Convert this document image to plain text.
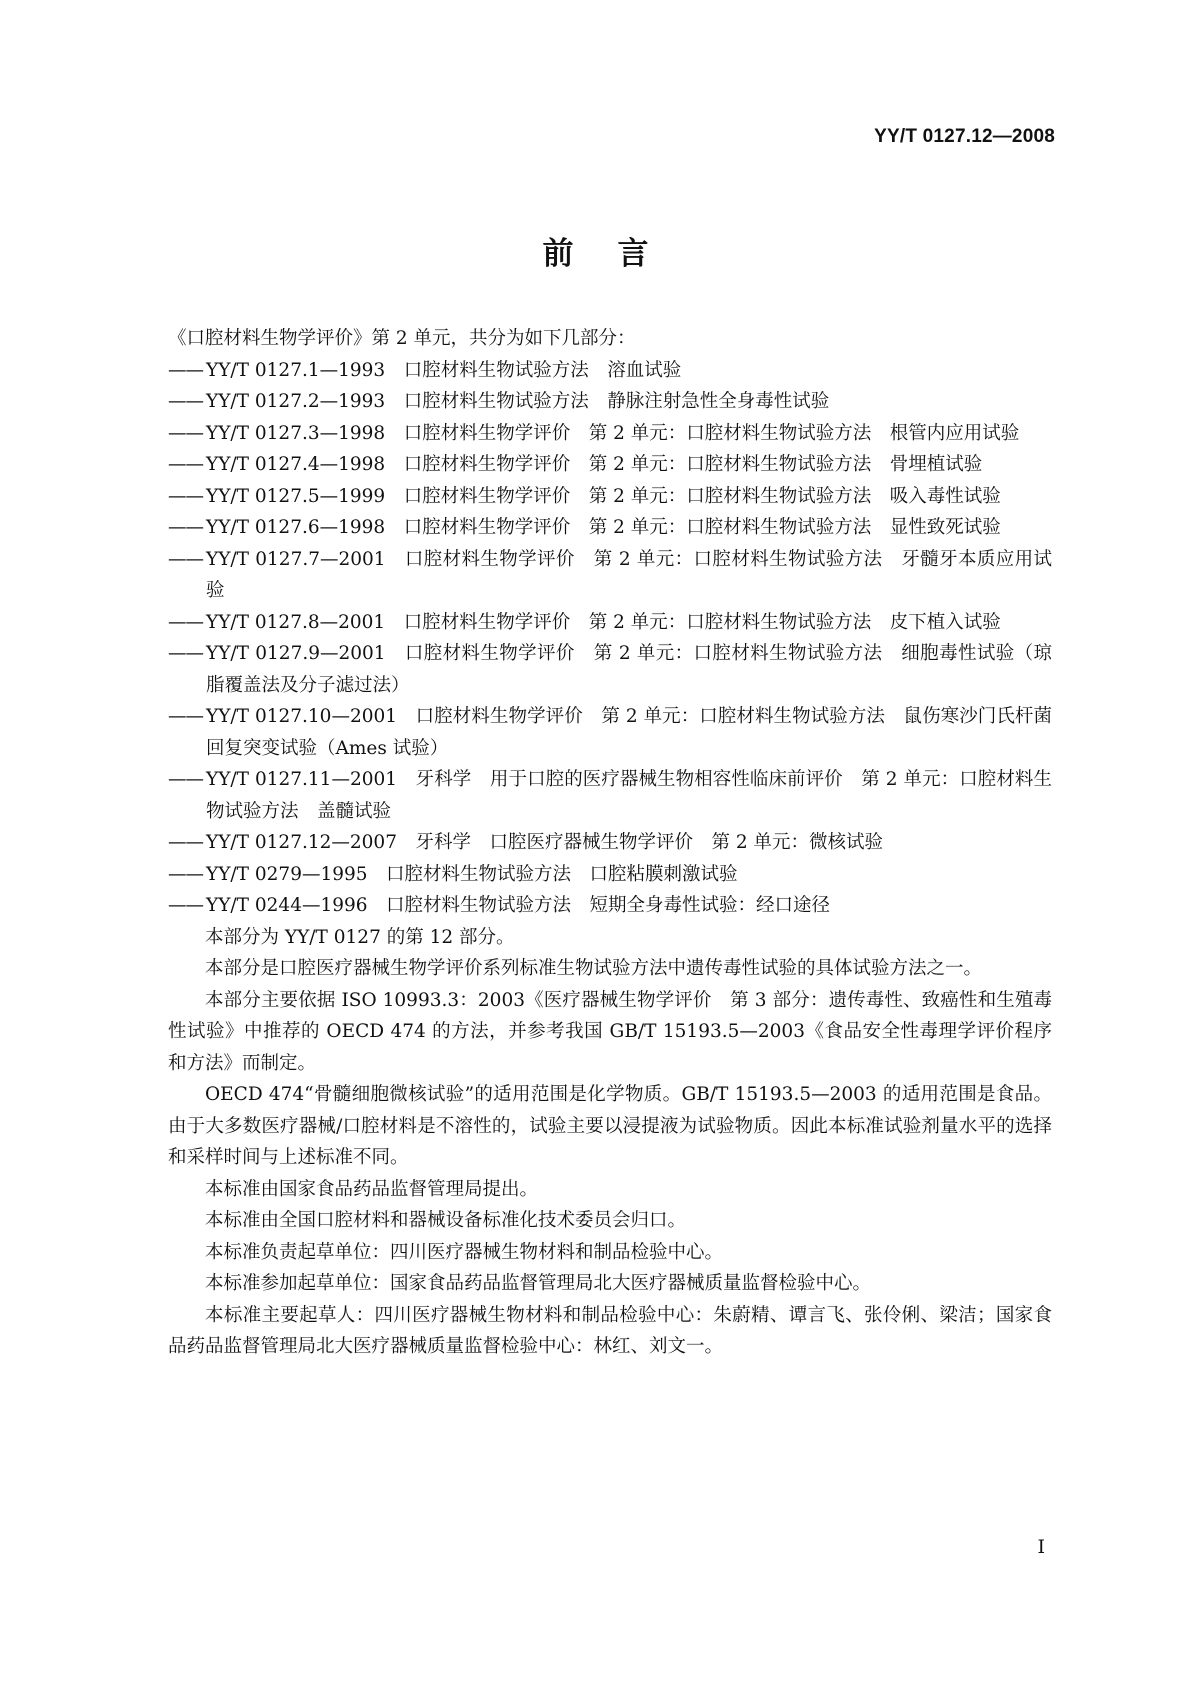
YY/T 0127.12—2008
前言

《口腔材料生物学评价》第 2 单元，共分为如下几部分：

—— YY/T 0127.1—1993　口腔材料生物试验方法　溶血试验
—— YY/T 0127.2—1993　口腔材料生物试验方法　静脉注射急性全身毒性试验
—— YY/T 0127.3—1998　口腔材料生物学评价　第 2 单元：口腔材料生物试验方法　根管内应用试验
—— YY/T 0127.4—1998　口腔材料生物学评价　第 2 单元：口腔材料生物试验方法　骨埋植试验
—— YY/T 0127.5—1999　口腔材料生物学评价　第 2 单元：口腔材料生物试验方法　吸入毒性试验
—— YY/T 0127.6—1998　口腔材料生物学评价　第 2 单元：口腔材料生物试验方法　显性致死试验
—— YY/T 0127.7—2001　口腔材料生物学评价　第 2 单元：口腔材料生物试验方法　牙髓牙本质应用试验
—— YY/T 0127.8—2001　口腔材料生物学评价　第 2 单元：口腔材料生物试验方法　皮下植入试验
—— YY/T 0127.9—2001　口腔材料生物学评价　第 2 单元：口腔材料生物试验方法　细胞毒性试验（琼脂覆盖法及分子滤过法）
—— YY/T 0127.10—2001　口腔材料生物学评价　第 2 单元：口腔材料生物试验方法　鼠伤寒沙门氏杆菌回复突变试验（Ames 试验）
—— YY/T 0127.11—2001　牙科学　用于口腔的医疗器械生物相容性临床前评价　第 2 单元：口腔材料生物试验方法　盖髓试验
—— YY/T 0127.12—2007　牙科学　口腔医疗器械生物学评价　第 2 单元：微核试验
—— YY/T 0279—1995　口腔材料生物试验方法　口腔粘膜刺激试验
—— YY/T 0244—1996　口腔材料生物试验方法　短期全身毒性试验：经口途径

本部分为 YY/T 0127 的第 12 部分。

本部分是口腔医疗器械生物学评价系列标准生物试验方法中遗传毒性试验的具体试验方法之一。

本部分主要依据 ISO 10993.3：2003《医疗器械生物学评价　第 3 部分：遗传毒性、致癌性和生殖毒性试验》中推荐的 OECD 474 的方法，并参考我国 GB/T 15193.5—2003《食品安全性毒理学评价程序和方法》而制定。

OECD 474“骨髓细胞微核试验”的适用范围是化学物质。GB/T 15193.5—2003 的适用范围是食品。由于大多数医疗器械/口腔材料是不溶性的，试验主要以浸提液为试验物质。因此本标准试验剂量水平的选择和采样时间与上述标准不同。

本标准由国家食品药品监督管理局提出。

本标准由全国口腔材料和器械设备标准化技术委员会归口。

本标准负责起草单位：四川医疗器械生物材料和制品检验中心。

本标准参加起草单位：国家食品药品监督管理局北大医疗器械质量监督检验中心。

本标准主要起草人：四川医疗器械生物材料和制品检验中心：朱蔚精、谭言飞、张伶俐、梁洁；国家食品药品监督管理局北大医疗器械质量监督检验中心：林红、刘文一。

I
